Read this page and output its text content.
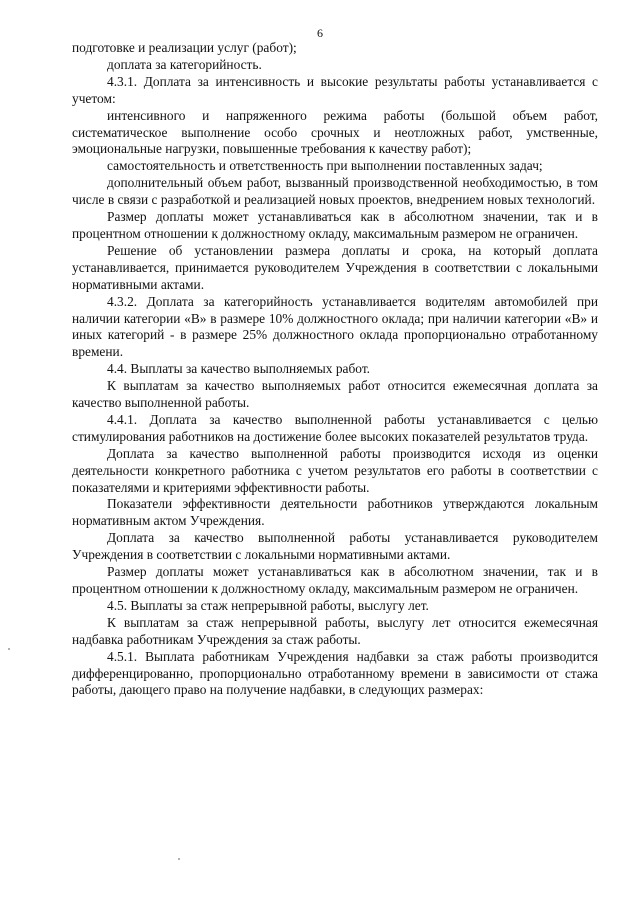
6

подготовке и реализации услуг (работ);

доплата за категорийность.

4.3.1. Доплата за интенсивность и высокие результаты работы устанавливается с учетом:

интенсивного и напряженного режима работы (большой объем работ, систематическое выполнение особо срочных и неотложных работ, умственные, эмоциональные нагрузки, повышенные требования к качеству работ);

самостоятельность и ответственность при выполнении поставленных задач;

дополнительный объем работ, вызванный производственной необходимостью, в том числе в связи с разработкой и реализацией новых проектов, внедрением новых технологий.

Размер доплаты может устанавливаться как в абсолютном значении, так и в процентном отношении к должностному окладу, максимальным размером не ограничен.

Решение об установлении размера доплаты и срока, на который доплата устанавливается, принимается руководителем Учреждения в соответствии с локальными нормативными актами.

4.3.2. Доплата за категорийность устанавливается водителям автомобилей при наличии категории «В» в размере 10% должностного оклада; при наличии категории «В» и иных категорий - в размере 25% должностного оклада пропорционально отработанному времени.

4.4. Выплаты за качество выполняемых работ.

К выплатам за качество выполняемых работ относится ежемесячная доплата за качество выполненной работы.

4.4.1. Доплата за качество выполненной работы устанавливается с целью стимулирования работников на достижение более высоких показателей результатов труда.

Доплата за качество выполненной работы производится исходя из оценки деятельности конкретного работника с учетом результатов его работы в соответствии с показателями и критериями эффективности работы.

Показатели эффективности деятельности работников утверждаются локальным нормативным актом Учреждения.

Доплата за качество выполненной работы устанавливается руководителем Учреждения в соответствии с локальными нормативными актами.

Размер доплаты может устанавливаться как в абсолютном значении, так и в процентном отношении к должностному окладу, максимальным размером не ограничен.

4.5. Выплаты за стаж непрерывной работы, выслугу лет.

К выплатам за стаж непрерывной работы, выслугу лет относится ежемесячная надбавка работникам Учреждения за стаж работы.

4.5.1. Выплата работникам Учреждения надбавки за стаж работы производится дифференцированно, пропорционально отработанному времени в зависимости от стажа работы, дающего право на получение надбавки, в следующих размерах:
